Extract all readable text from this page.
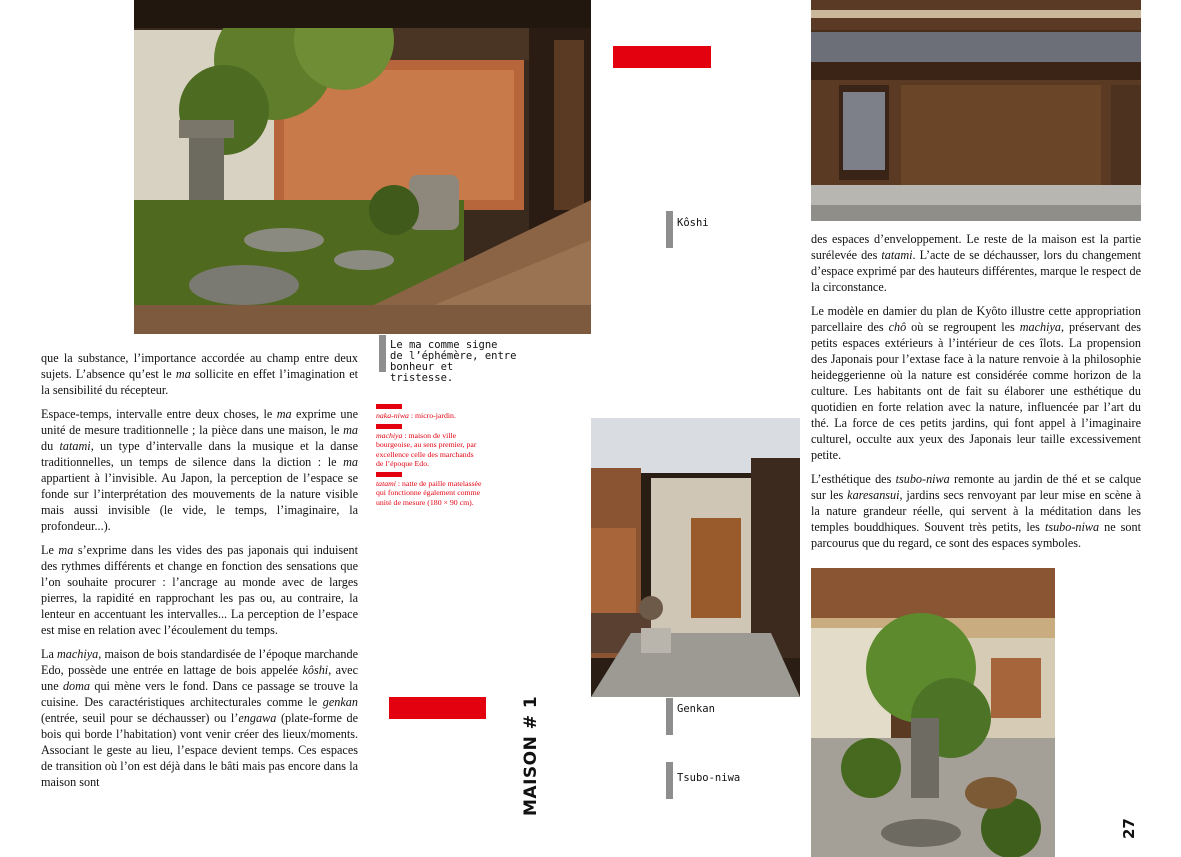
que la substance, l’importance accordée au champ entre deux sujets. L’absence qu’est le ma sollicite en effet l’imagination et la sensibilité du récepteur.

Espace-temps, intervalle entre deux choses, le ma exprime une unité de mesure traditionnelle ; la pièce dans une maison, le ma du tatami, un type d’intervalle dans la musique et la danse traditionnelles, un temps de silence dans la diction : le ma appartient à l’invisible. Au Japon, la perception de l’espace se fonde sur l’interprétation des mouvements de la nature visible mais aussi invisible (le vide, le temps, l’imaginaire, la profondeur...).

Le ma s’exprime dans les vides des pas japonais qui induisent des rythmes différents et change en fonction des sensations que l’on souhaite procurer : l’ancrage au monde avec de larges pierres, la rapidité en rapprochant les pas ou, au contraire, la lenteur en accentuant les intervalles... La perception de l’espace est mise en relation avec l’écoulement du temps.

La machiya, maison de bois standardisée de l’époque marchande Edo, possède une entrée en lattage de bois appelée kôshi, avec une doma qui mène vers le fond. Dans ce passage se trouve la cuisine. Des caractéristiques architecturales comme le genkan (entrée, seuil pour se déchausser) ou l’engawa (plate-forme de bois qui borde l’habitation) vont venir créer des lieux/moments. Associant le geste au lieu, l’espace devient temps. Ces espaces de transition où l’on est déjà dans le bâti mais pas encore dans la maison sont

Le ma comme signe
de l’éphémère, entre
bonheur et tristesse.
naka-niwa : micro-jardin.
machiya : maison de ville bourgeoise, au sens premier, par excellence celle des marchands de l’époque Edo.
tatami : natte de paille matelassée qui fonctionne également comme unité de mesure (180 × 90 cm).
Kôshi
Genkan
Tsubo-niwa
MAISON # 1
27

des espaces d’enveloppement. Le reste de la maison est la partie surélevée des tatami. L’acte de se déchausser, lors du changement d’espace exprimé par des hauteurs différentes, marque le respect de la circonstance.

Le modèle en damier du plan de Kyôto illustre cette appropriation parcellaire des chô où se regroupent les machiya, préservant des petits espaces extérieurs à l’intérieur de ces îlots. La propension des Japonais pour l’extase face à la nature renvoie à la philosophie heideggerienne où la nature est considérée comme horizon de la culture. Les habitants ont de fait su élaborer une esthétique du quotidien en forte relation avec la nature, influencée par l’art du thé. La force de ces petits jardins, qui font appel à l’imaginaire culturel, occulte aux yeux des Japonais leur taille excessivement petite.

L’esthétique des tsubo-niwa remonte au jardin de thé et se calque sur les karesansui, jardins secs renvoyant par leur mise en scène à la nature grandeur réelle, qui servent à la méditation dans les temples bouddhiques. Souvent très petits, les tsubo-niwa ne sont parcourus que du regard, ce sont des espaces symboles.
